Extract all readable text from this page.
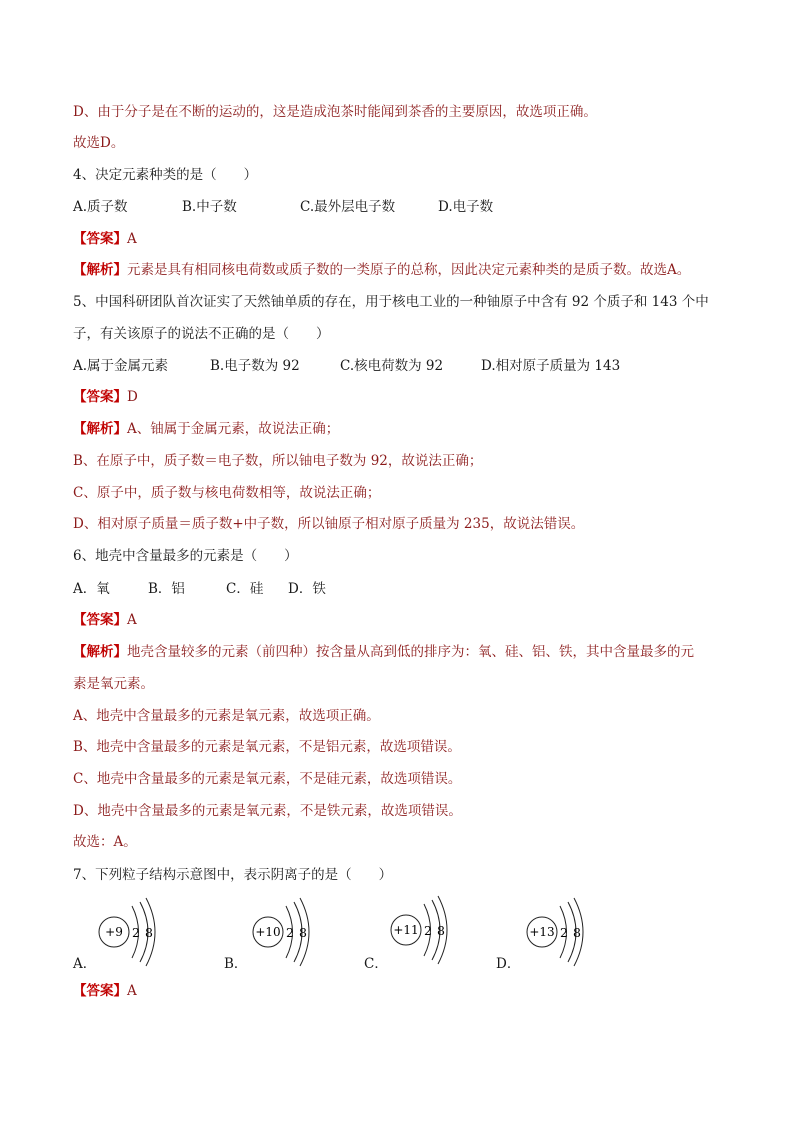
D、由于分子是在不断的运动的，这是造成泡茶时能闻到茶香的主要原因，故选项正确。
故选D。
4、决定元素种类的是（　　）
A.质子数	B.中子数	C.最外层电子数	D.电子数
【答案】A
【解析】元素是具有相同核电荷数或质子数的一类原子的总称，因此决定元素种类的是质子数。故选A。
5、中国科研团队首次证实了天然铀单质的存在，用于核电工业的一种铀原子中含有 92 个质子和 143 个中
子，有关该原子的说法不正确的是（　　）
A.属于金属元素	B.电子数为 92	C.核电荷数为 92	D.相对原子质量为 143
【答案】D
【解析】A、铀属于金属元素，故说法正确；
B、在原子中，质子数＝电子数，所以铀电子数为 92，故说法正确；
C、原子中，质子数与核电荷数相等，故说法正确；
D、相对原子质量＝质子数+中子数，所以铀原子相对原子质量为 235，故说法错误。
6、地壳中含量最多的元素是（　　）
A．氧	B．铝	C．硅 D．铁
【答案】A
【解析】地壳含量较多的元素（前四种）按含量从高到低的排序为：氧、硅、铝、铁，其中含量最多的元
素是氧元素。
A、地壳中含量最多的元素是氧元素，故选项正确。
B、地壳中含量最多的元素是氧元素，不是铝元素，故选项错误。
C、地壳中含量最多的元素是氧元素，不是硅元素，故选项错误。
D、地壳中含量最多的元素是氧元素，不是铁元素，故选项错误。
故选：A。
7、下列粒子结构示意图中，表示阴离子的是（　　）
+9 2 8	+10 2 8	+11 2 8	+13 2 8
A．	B．	C．	D．
【答案】A
